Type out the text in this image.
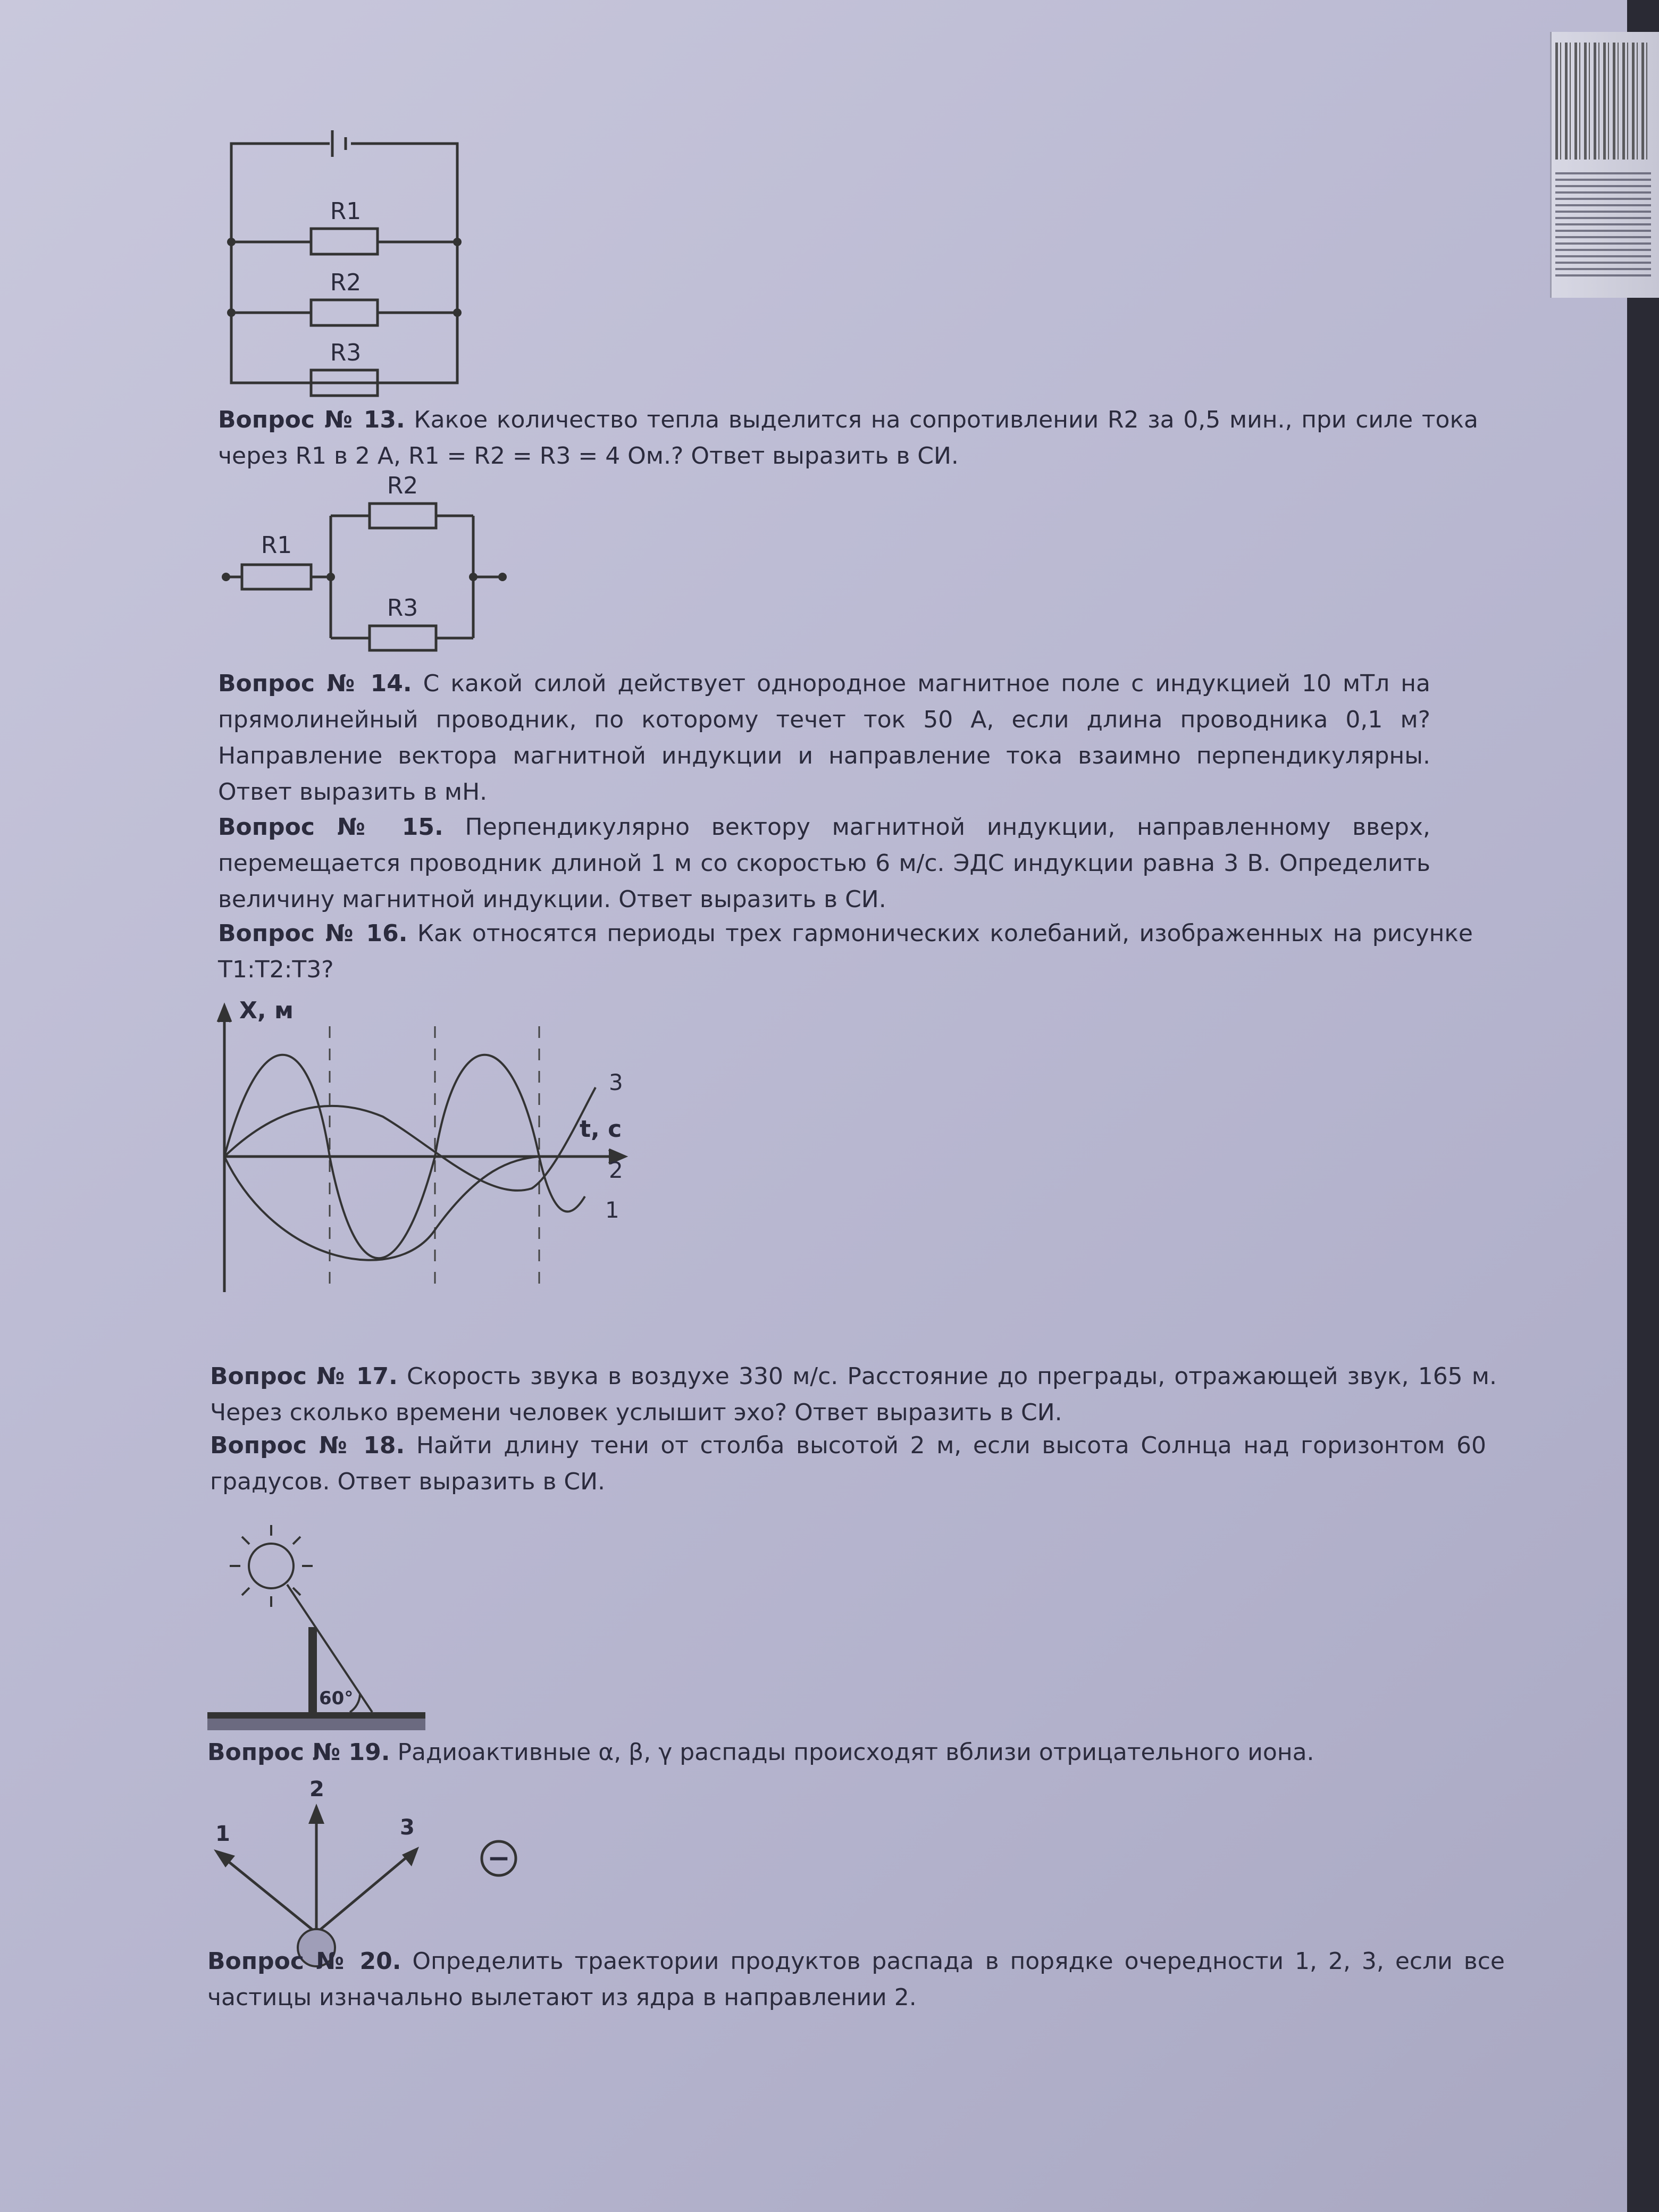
R1
R2
R3

Вопрос № 13. Какое количество тепла выделится на сопротивлении R2 за 0,5 мин., при силе тока через R1 в 2 А, R1 = R2 = R3 = 4 Ом.? Ответ выразить в СИ.

R1
R2
R3

Вопрос № 14. С какой силой действует однородное магнитное поле с индукцией 10 мТл на прямолинейный проводник, по которому течет ток 50 А, если длина проводника 0,1 м? Направление вектора магнитной индукции и направление тока взаимно перпендикулярны. Ответ выразить в мН.

Вопрос № 15. Перпендикулярно вектору магнитной индукции, направленному вверх, перемещается проводник длиной 1 м со скоростью 6 м/с. ЭДС индукции равна 3 В. Определить величину магнитной индукции. Ответ выразить в СИ.

Вопрос № 16. Как относятся периоды трех гармонических колебаний, изображенных на рисунке Т1:Т2:Т3?

X, м
t, c
1
2
3

Вопрос № 17. Скорость звука в воздухе 330 м/с. Расстояние до преграды, отражающей звук, 165 м. Через сколько времени человек услышит эхо? Ответ выразить в СИ.

Вопрос № 18. Найти длину тени от столба высотой 2 м, если высота Солнца над горизонтом 60 градусов. Ответ выразить в СИ.

60°

Вопрос № 19. Радиоактивные α, β, γ распады происходят вблизи отрицательного иона.

−
1
2
3

Вопрос № 20. Определить траектории продуктов распада в порядке очередности 1, 2, 3, если все частицы изначально вылетают из ядра в направлении 2.
